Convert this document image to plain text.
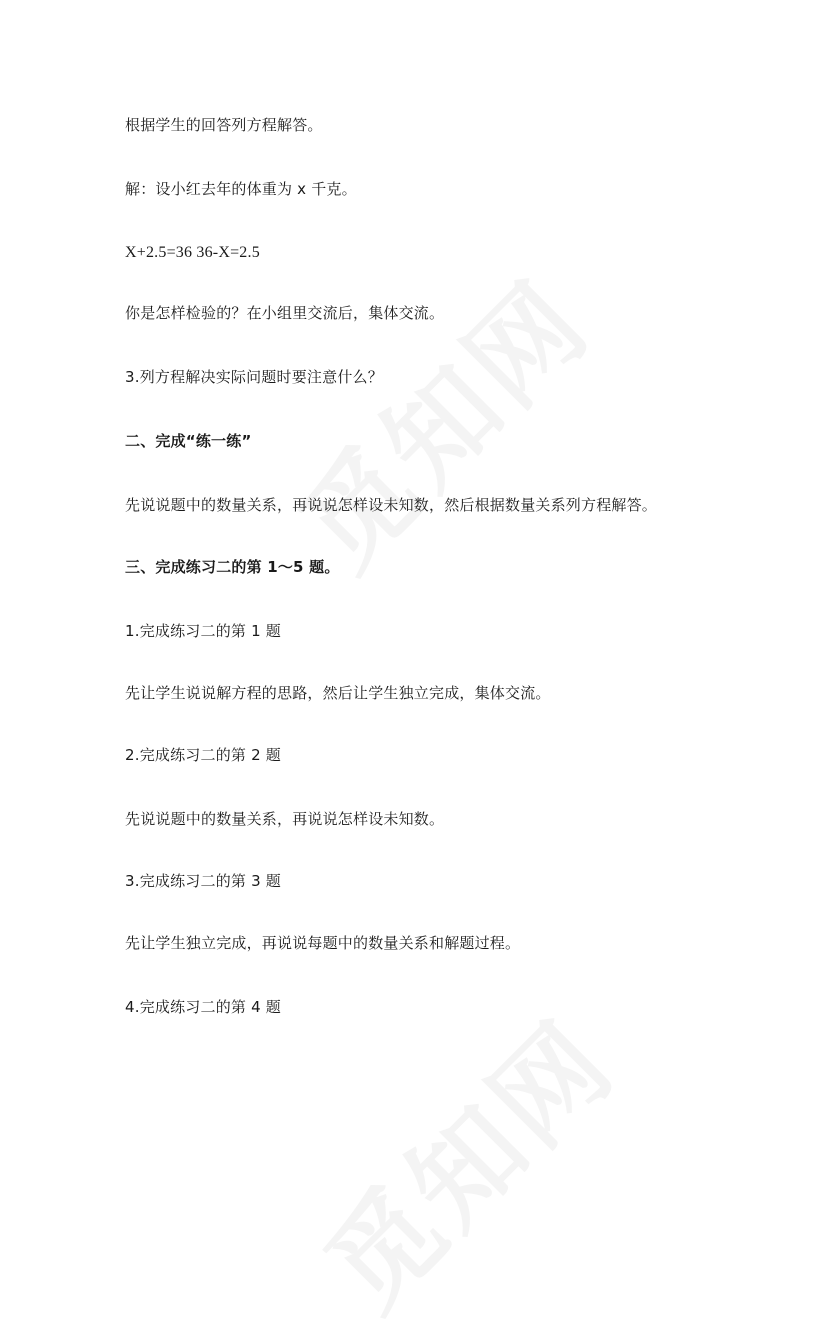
根据学生的回答列方程解答。
解：设小红去年的体重为 x 千克。
X+2.5=36 36-X=2.5
你是怎样检验的？在小组里交流后，集体交流。
3.列方程解决实际问题时要注意什么？
二、完成“练一练”
先说说题中的数量关系，再说说怎样设未知数，然后根据数量关系列方程解答。
三、完成练习二的第 1～5 题。
1.完成练习二的第 1 题
先让学生说说解方程的思路，然后让学生独立完成，集体交流。
2.完成练习二的第 2 题
先说说题中的数量关系，再说说怎样设未知数。
3.完成练习二的第 3 题
先让学生独立完成，再说说每题中的数量关系和解题过程。
4.完成练习二的第 4 题
